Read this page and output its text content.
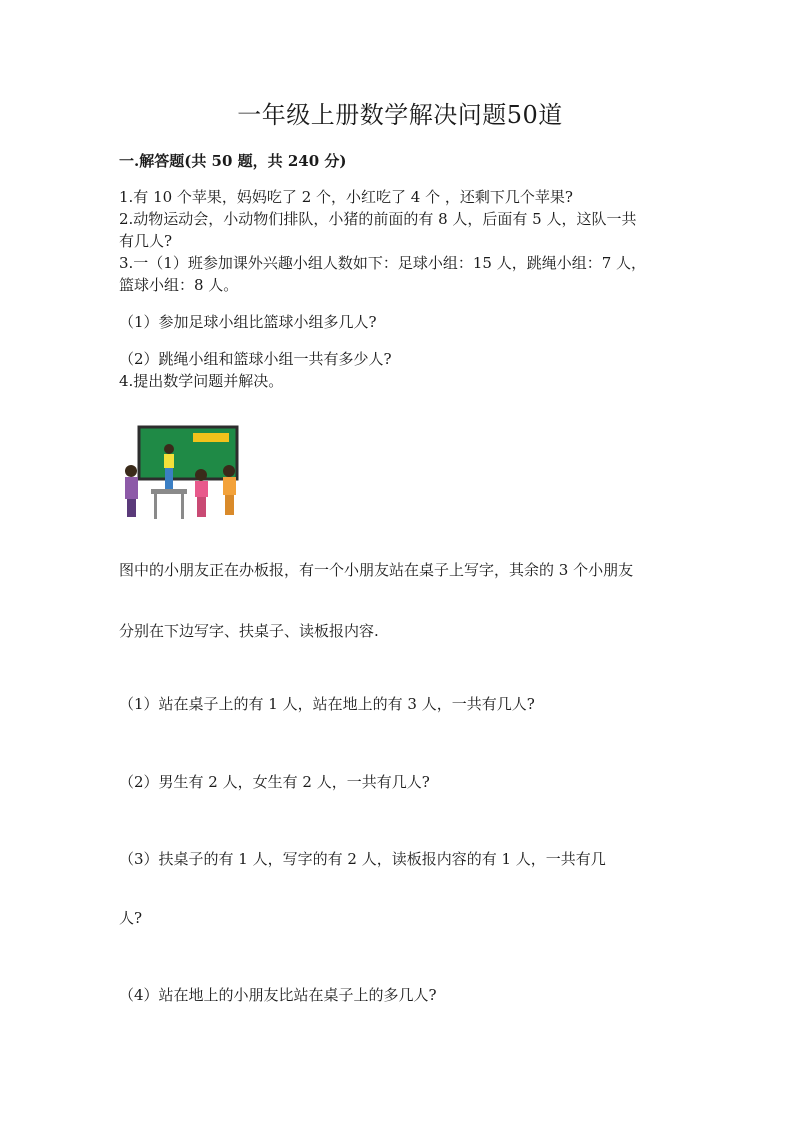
一年级上册数学解决问题50道
一.解答题(共 50 题，共 240 分)

1.有 10 个苹果，妈妈吃了 2 个，小红吃了 4 个 ，还剩下几个苹果?

2.动物运动会，小动物们排队，小猪的前面的有 8 人，后面有 5 人，这队一共

有几人?

3.一（1）班参加课外兴趣小组人数如下：足球小组：15 人，跳绳小组：7 人，

篮球小组：8 人。

（1）参加足球小组比篮球小组多几人?

（2）跳绳小组和篮球小组一共有多少人?

4.提出数学问题并解决。

图中的小朋友正在办板报，有一个小朋友站在桌子上写字，其余的 3 个小朋友

分别在下边写字、扶桌子、读板报内容.

（1）站在桌子上的有 1 人，站在地上的有 3 人，一共有几人?

（2）男生有 2 人，女生有 2 人，一共有几人?

（3）扶桌子的有 1 人，写字的有 2 人，读板报内容的有 1 人，一共有几

人?

（4）站在地上的小朋友比站在桌子上的多几人?
